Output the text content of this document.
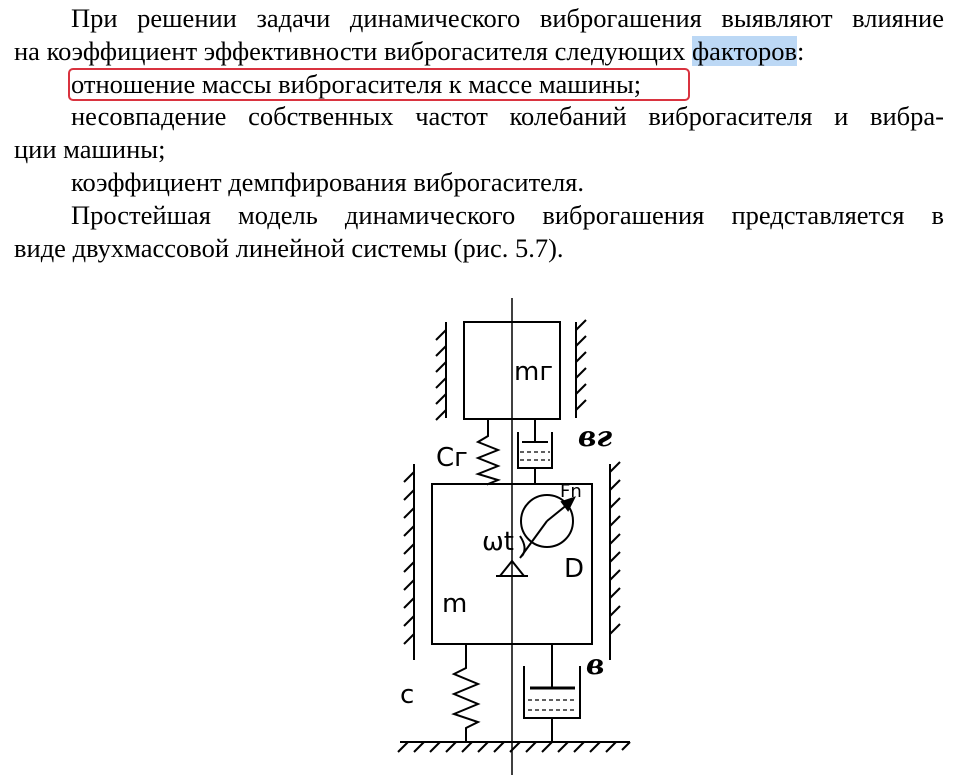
При решении задачи динамического виброгашения выявляют влияние
на коэффициент эффективности виброгасителя следующих факторов:
отношение массы виброгасителя к массе машины;
несовпадение собственных частот колебаний виброгасителя и вибра-
ции машины;
коэффициент демпфирования виброгасителя.
Простейшая модель динамического виброгашения представляется в
виде двухмассовой линейной системы (рис. 5.7).
mг
Cг
вг
Fn
ωt
D
m
c
в
